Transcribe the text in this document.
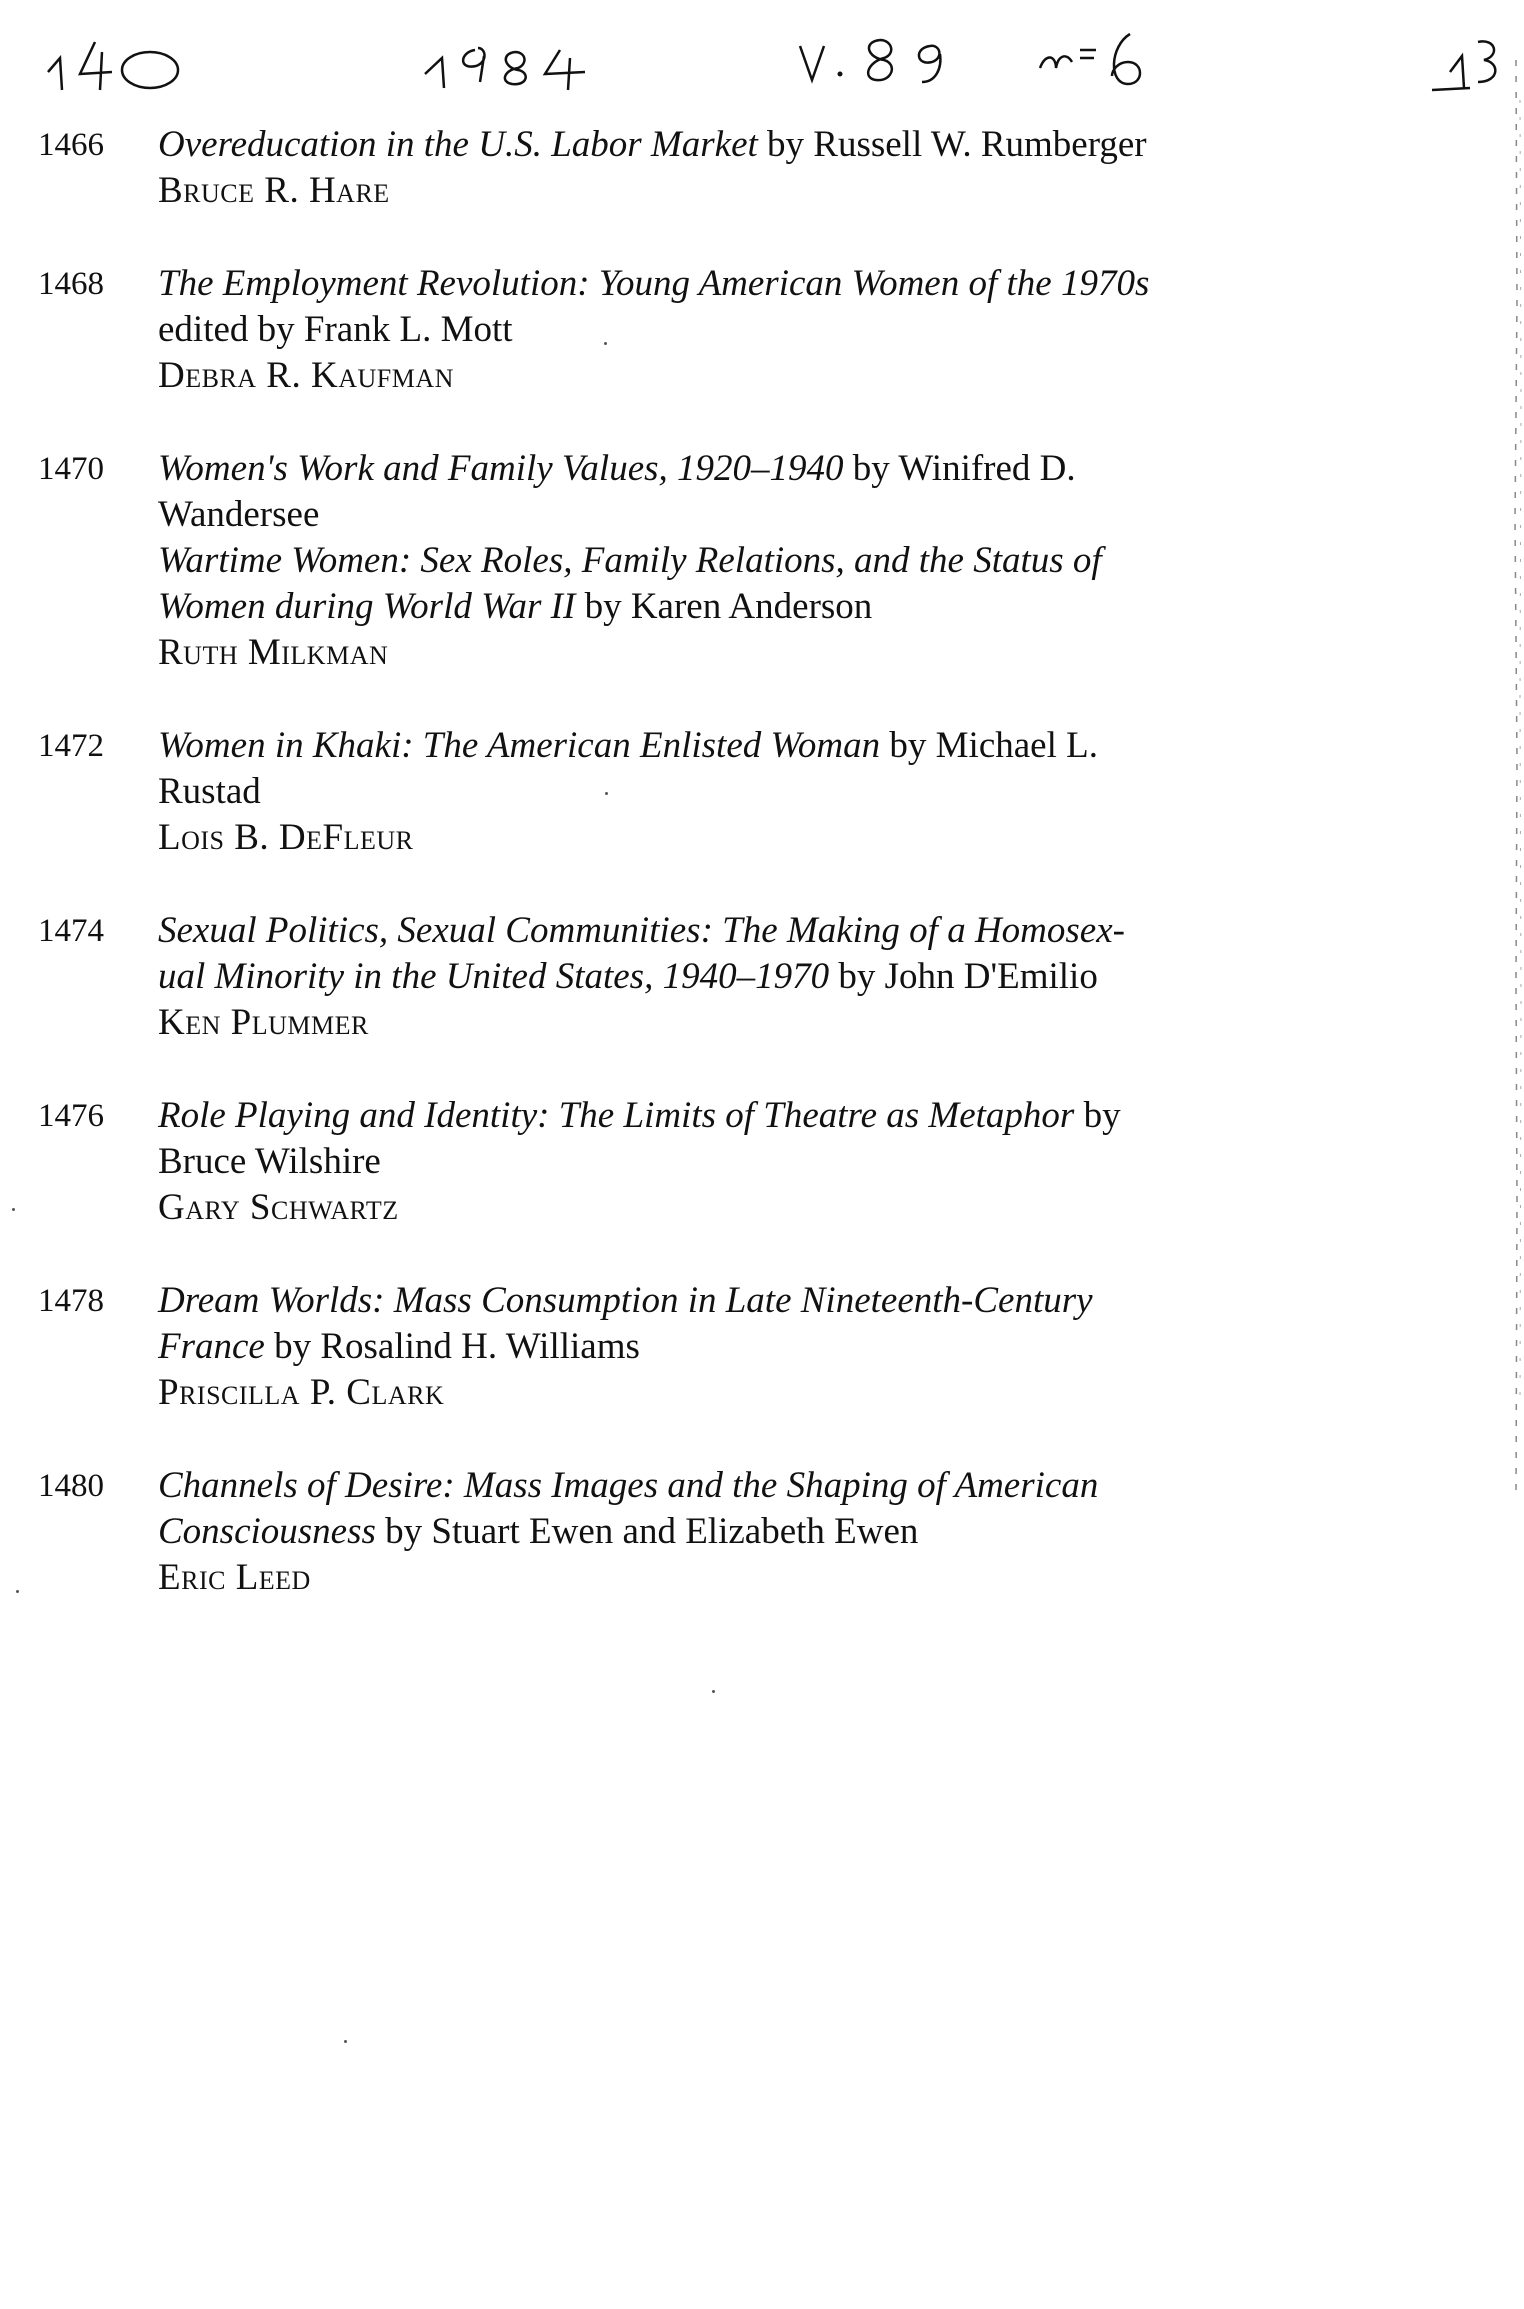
1466	Overeducation in the U.S. Labor Market by Russell W. Rumberger
Bruce R. Hare
1468	The Employment Revolution: Young American Women of the 1970s
edited by Frank L. Mott
Debra R. Kaufman
1470	Women's Work and Family Values, 1920–1940 by Winifred D.
Wandersee
Wartime Women: Sex Roles, Family Relations, and the Status of
Women during World War II by Karen Anderson
Ruth Milkman
1472	Women in Khaki: The American Enlisted Woman by Michael L.
Rustad
Lois B. DeFleur
1474	Sexual Politics, Sexual Communities: The Making of a Homosex-
ual Minority in the United States, 1940–1970 by John D'Emilio
Ken Plummer
1476	Role Playing and Identity: The Limits of Theatre as Metaphor by
Bruce Wilshire
Gary Schwartz
1478	Dream Worlds: Mass Consumption in Late Nineteenth-Century
France by Rosalind H. Williams
Priscilla P. Clark
1480	Channels of Desire: Mass Images and the Shaping of American
Consciousness by Stuart Ewen and Elizabeth Ewen
Eric Leed
